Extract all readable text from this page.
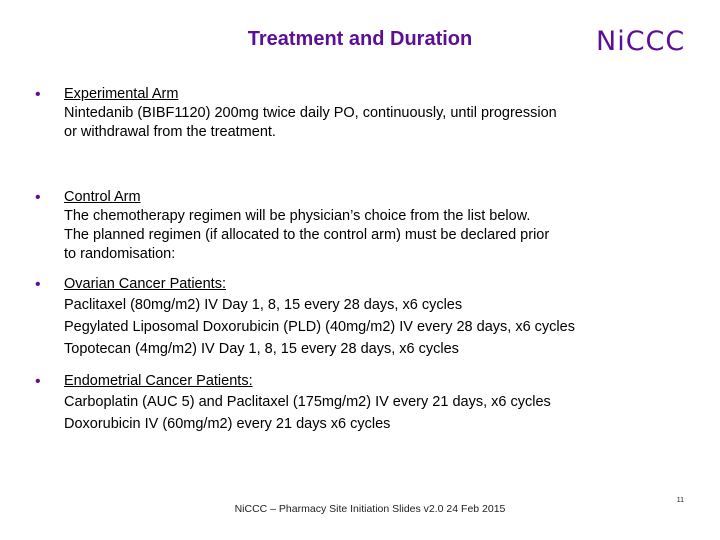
Treatment and Duration	NiCCC
• Experimental Arm
Nintedanib (BIBF1120) 200mg twice daily PO, continuously, until progression
or withdrawal from the treatment.
• Control Arm
The chemotherapy regimen will be physician’s choice from the list below.
The planned regimen (if allocated to the control arm) must be declared prior
to randomisation:
• Ovarian Cancer Patients:
Paclitaxel (80mg/m2) IV Day 1, 8, 15 every 28 days, x6 cycles
Pegylated Liposomal Doxorubicin (PLD) (40mg/m2) IV every 28 days, x6 cycles
Topotecan (4mg/m2) IV Day 1, 8, 15 every 28 days, x6 cycles
• Endometrial Cancer Patients:
Carboplatin (AUC 5) and Paclitaxel (175mg/m2) IV every 21 days, x6 cycles
Doxorubicin IV (60mg/m2) every 21 days x6 cycles
NiCCC – Pharmacy Site Initiation Slides v2.0 24 Feb 2015
11
